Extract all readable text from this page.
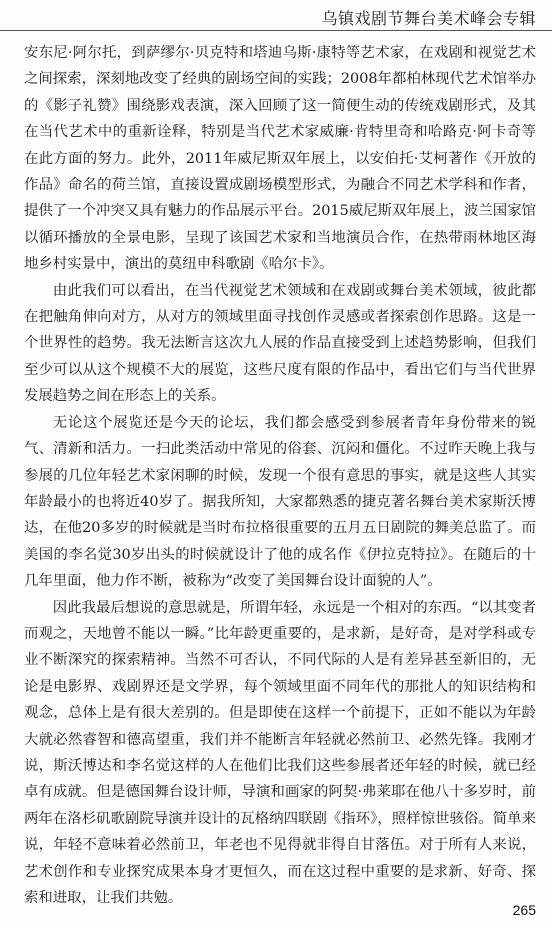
乌镇戏剧节舞台美术峰会专辑

安东尼·阿尔托，到萨缪尔·贝克特和塔迪乌斯·康特等艺术家，在戏剧和视觉艺术之间探索，深刻地改变了经典的剧场空间的实践；2008年都柏林现代艺术馆举办的《影子礼赞》围绕影戏表演，深入回顾了这一简便生动的传统戏剧形式，及其在当代艺术中的重新诠释，特别是当代艺术家威廉·肯特里奇和哈路克·阿卡奇等在此方面的努力。此外，2011年威尼斯双年展上，以安伯托·艾柯著作《开放的作品》命名的荷兰馆，直接设置成剧场模型形式，为融合不同艺术学科和作者，提供了一个冲突又具有魅力的作品展示平台。2015威尼斯双年展上，波兰国家馆以循环播放的全景电影，呈现了该国艺术家和当地演员合作，在热带雨林地区海地乡村实景中，演出的莫纽申科歌剧《哈尔卡》。

由此我们可以看出，在当代视觉艺术领域和在戏剧或舞台美术领域，彼此都在把触角伸向对方，从对方的领域里面寻找创作灵感或者探索创作思路。这是一个世界性的趋势。我无法断言这次九人展的作品直接受到上述趋势影响，但我们至少可以从这个规模不大的展览，这些尺度有限的作品中，看出它们与当代世界发展趋势之间在形态上的关系。

无论这个展览还是今天的论坛，我们都会感受到参展者青年身份带来的锐气、清新和活力。一扫此类活动中常见的俗套、沉闷和僵化。不过昨天晚上我与参展的几位年轻艺术家闲聊的时候，发现一个很有意思的事实，就是这些人其实年龄最小的也将近40岁了。据我所知，大家都熟悉的捷克著名舞台美术家斯沃博达，在他20多岁的时候就是当时布拉格很重要的五月五日剧院的舞美总监了。而美国的李名觉30岁出头的时候就设计了他的成名作《伊拉克特拉》。在随后的十几年里面，他力作不断，被称为“改变了美国舞台设计面貌的人”。

因此我最后想说的意思就是，所谓年轻，永远是一个相对的东西。“以其变者而观之，天地曾不能以一瞬。”比年龄更重要的，是求新，是好奇，是对学科或专业不断深究的探索精神。当然不可否认，不同代际的人是有差异甚至新旧的，无论是电影界、戏剧界还是文学界，每个领域里面不同年代的那批人的知识结构和观念，总体上是有很大差别的。但是即使在这样一个前提下，正如不能以为年龄大就必然睿智和德高望重，我们并不能断言年轻就必然前卫、必然先锋。我刚才说，斯沃博达和李名觉这样的人在他们比我们这些参展者还年轻的时候，就已经卓有成就。但是德国舞台设计师，导演和画家的阿契·弗莱耶在他八十多岁时，前两年在洛杉矶歌剧院导演并设计的瓦格纳四联剧《指环》，照样惊世骇俗。简单来说，年轻不意味着必然前卫，年老也不见得就非得自甘落伍。对于所有人来说，艺术创作和专业探究成果本身才更恒久，而在这过程中重要的是求新、好奇、探索和进取，让我们共勉。

265
